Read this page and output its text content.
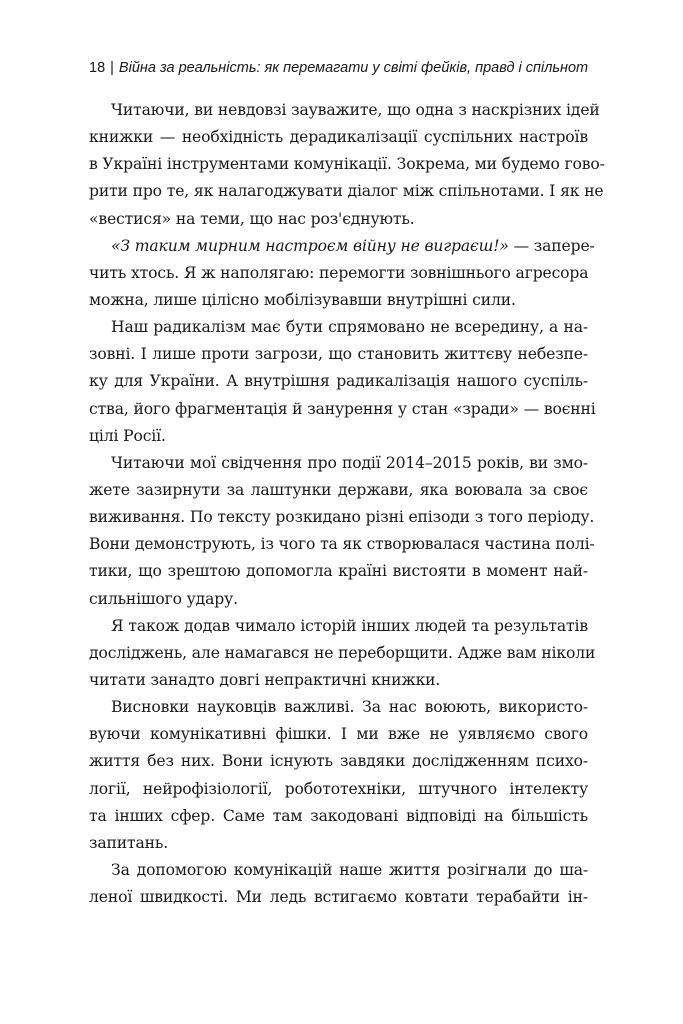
18 | Війна за реальність: як перемагати у світі фейків, правд і спільнот
Читаючи, ви невдовзі зауважите, що одна з наскрізних ідей
книжки — необхідність дерадикалізації суспільних настроїв
в Україні інструментами комунікації. Зокрема, ми будемо гово-
рити про те, як налагоджувати діалог між спільнотами. І як не
«вестися» на теми, що нас роз'єднують.
«З таким мирним настроєм війну не виграєш!» — запере-
чить хтось. Я ж наполягаю: перемогти зовнішнього агресора
можна, лише цілісно мобілізувавши внутрішні сили.
Наш радикалізм має бути спрямовано не всередину, а на-
зовні. І лише проти загрози, що становить життєву небезпе-
ку для України. А внутрішня радикалізація нашого суспіль-
ства, його фрагментація й занурення у стан «зради» — воєнні
цілі Росії.
Читаючи мої свідчення про події 2014–2015 років, ви змо-
жете зазирнути за лаштунки держави, яка воювала за своє
виживання. По тексту розкидано різні епізоди з того періоду.
Вони демонструють, із чого та як створювалася частина полі-
тики, що зрештою допомогла країні вистояти в момент най-
сильнішого удару.
Я також додав чимало історій інших людей та результатів
досліджень, але намагався не переборщити. Адже вам ніколи
читати занадто довгі непрактичні книжки.
Висновки науковців важливі. За нас воюють, використо-
вуючи комунікативні фішки. І ми вже не уявляємо свого
життя без них. Вони існують завдяки дослідженням психо-
логії, нейрофізіології, робототехніки, штучного інтелекту
та інших сфер. Саме там закодовані відповіді на більшість
запитань.
За допомогою комунікацій наше життя розігнали до ша-
леної швидкості. Ми ледь встигаємо ковтати терабайти ін-
